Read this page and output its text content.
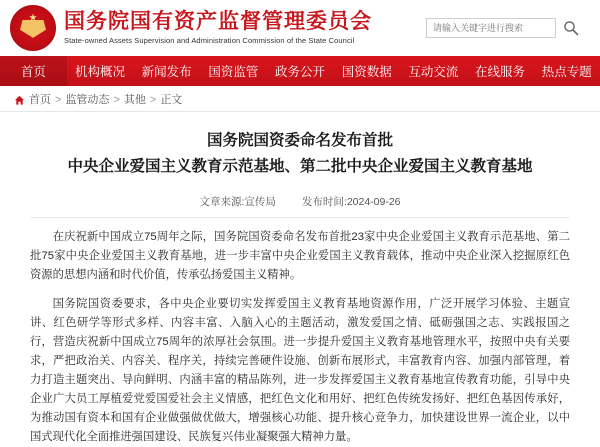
国务院国有资产监督管理委员会
State-owned Assets Supervision and Administration Commission of the State Council
请输入关键字进行搜索
首页	机构概况	新闻发布	国资监管	政务公开	国资数据	互动交流	在线服务	热点专题
首页 > 监管动态 > 其他 > 正文
国务院国资委命名发布首批
中央企业爱国主义教育示范基地、第二批中央企业爱国主义教育基地
文章来源:宣传局 发布时间:2024-09-26

在庆祝新中国成立75周年之际，国务院国资委命名发布首批23家中央企业爱国主义教育示范基地、第二批75家中央企业爱国主义教育基地，进一步丰富中央企业爱国主义教育载体，推动中央企业深入挖掘原红色资源的思想内涵和时代价值，传承弘扬爱国主义精神。

国务院国资委要求，各中央企业要切实发挥爱国主义教育基地资源作用，广泛开展学习体验、主题宣讲、红色研学等形式多样、内容丰富、入脑入心的主题活动，激发爱国之情、砥砺强国之志、实践报国之行，营造庆祝新中国成立75周年的浓厚社会氛围。进一步提升爱国主义教育基地管理水平，按照中央有关要求，严把政治关、内容关、程序关，持续完善硬件设施、创新布展形式，丰富教育内容、加强内部管理，着力打造主题突出、导向鲜明、内涵丰富的精品陈列，进一步发挥爱国主义教育基地宣传教育功能，引导中央企业广大员工厚植爱党爱国爱社会主义情感，把红色文化和用好、把红色传统发扬好、把红色基因传承好，为推动国有资本和国有企业做强做优做大，增强核心功能、提升核心竞争力，加快建设世界一流企业，以中国式现代化全面推进强国建设、民族复兴伟业凝聚强大精神力量。
